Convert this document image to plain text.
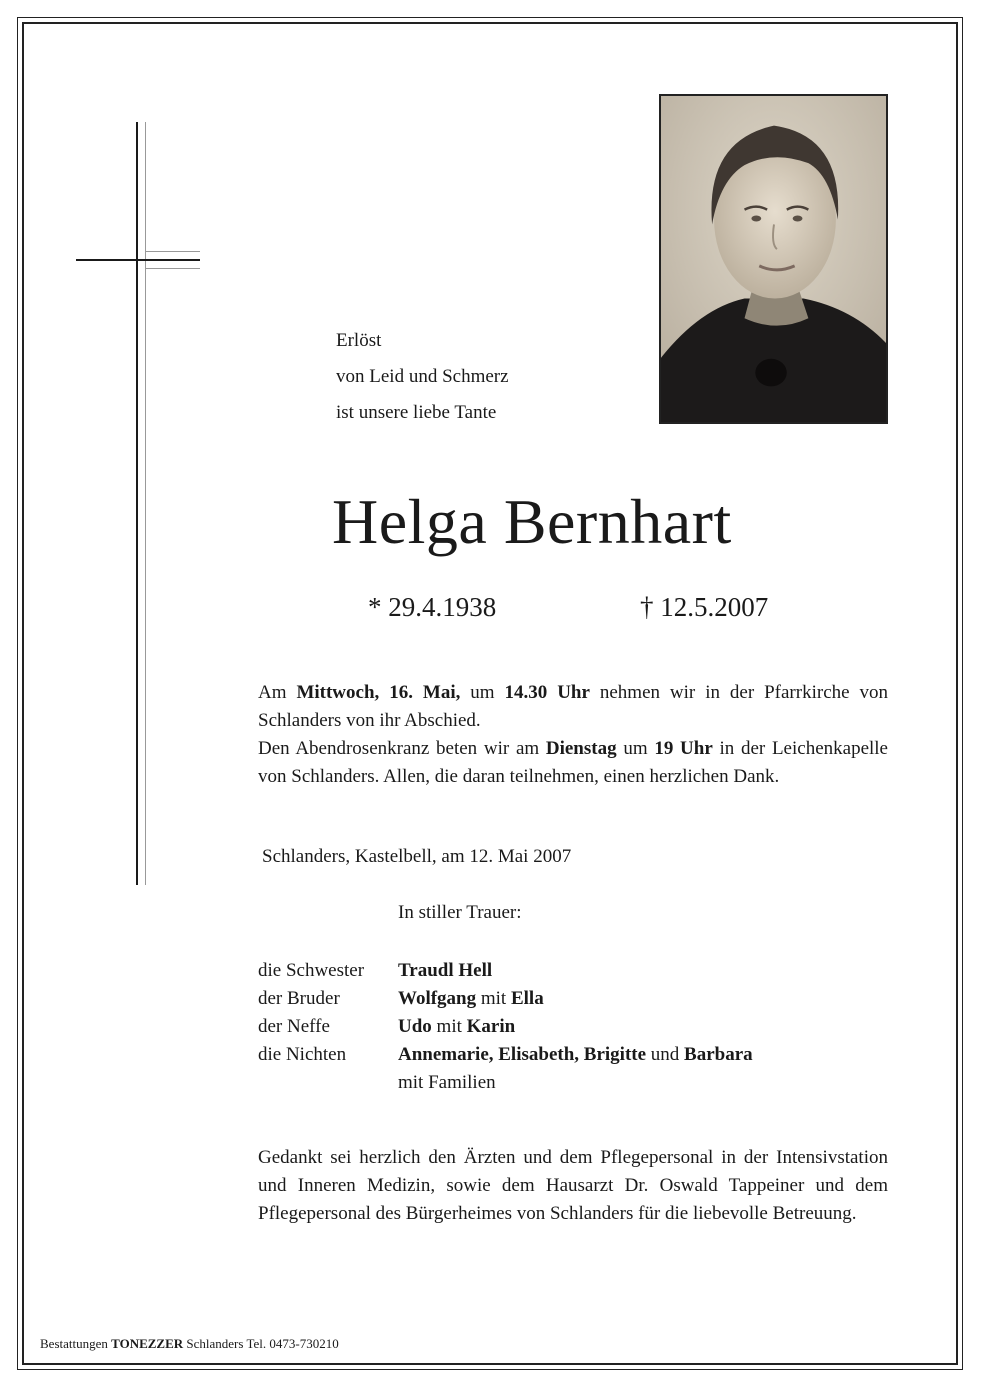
Erlöst
von Leid und Schmerz
ist unsere liebe Tante
Helga Bernhart
* 29.4.1938	† 12.5.2007
Am Mittwoch, 16. Mai, um 14.30 Uhr nehmen wir in der Pfarrkirche von Schlanders von ihr Abschied.
Den Abendrosenkranz beten wir am Dienstag um 19 Uhr in der Leichenkapelle von Schlanders. Allen, die daran teilnehmen, einen herzlichen Dank.
Schlanders, Kastelbell, am 12. Mai 2007
In stiller Trauer:
die Schwester	Traudl Hell
der Bruder	Wolfgang mit Ella
der Neffe	Udo mit Karin
die Nichten	Annemarie, Elisabeth, Brigitte und Barbara
mit Familien
Gedankt sei herzlich den Ärzten und dem Pflegepersonal in der Intensivstation und Inneren Medizin, sowie dem Hausarzt Dr. Oswald Tappeiner und dem Pflegepersonal des Bürgerheimes von Schlanders für die liebevolle Betreuung.
Bestattungen TONEZZER Schlanders Tel. 0473-730210
